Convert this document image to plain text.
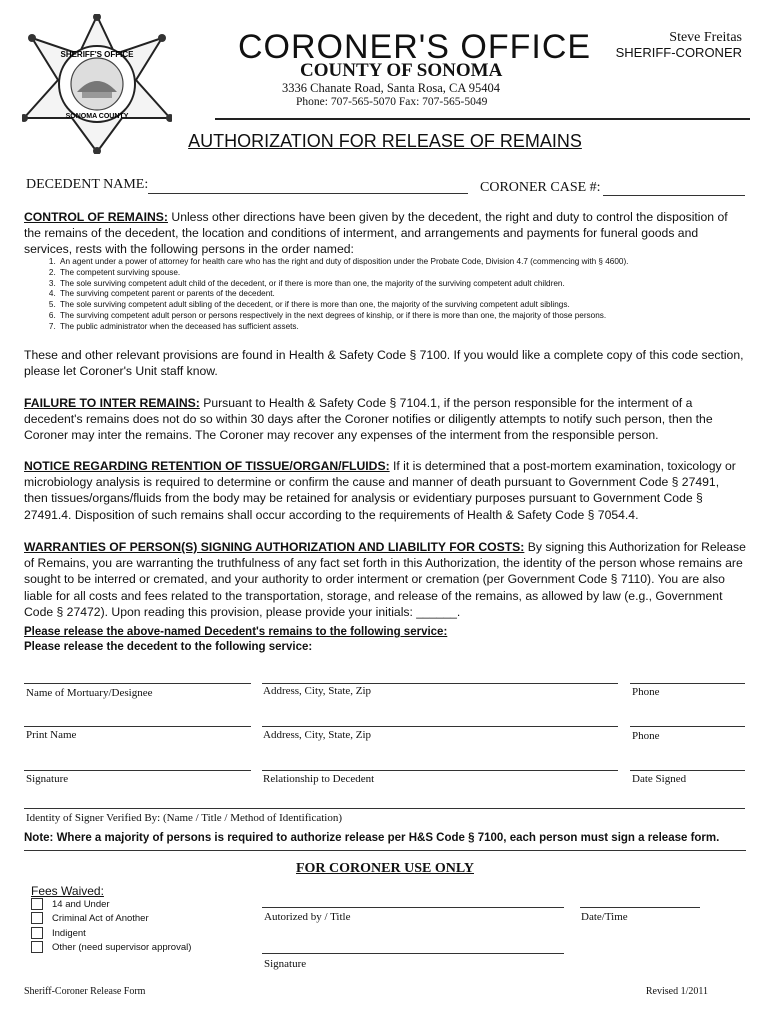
SHERIFF'S OFFICE
SONOMA COUNTY
CORONER'S OFFICE
COUNTY OF SONOMA
3336 Chanate Road, Santa Rosa, CA 95404
Phone: 707-565-5070 Fax: 707-565-5049
Steve Freitas
SHERIFF-CORONER
AUTHORIZATION FOR RELEASE OF REMAINS
DECEDENT NAME:	CORONER CASE #:
CONTROL OF REMAINS: Unless other directions have been given by the decedent, the right and duty to control the disposition of the remains of the decedent, the location and conditions of interment, and arrangements and payments for funeral goods and services, rests with the following persons in the order named:
1. An agent under a power of attorney for health care who has the right and duty of disposition under the Probate Code, Division 4.7 (commencing with § 4600).
2. The competent surviving spouse.
3. The sole surviving competent adult child of the decedent, or if there is more than one, the majority of the surviving competent adult children.
4. The surviving competent parent or parents of the decedent.
5. The sole surviving competent adult sibling of the decedent, or if there is more than one, the majority of the surviving competent adult siblings.
6. The surviving competent adult person or persons respectively in the next degrees of kinship, or if there is more than one, the majority of those persons.
7. The public administrator when the deceased has sufficient assets.
These and other relevant provisions are found in Health & Safety Code § 7100. If you would like a complete copy of this code section, please let Coroner's Unit staff know.
FAILURE TO INTER REMAINS: Pursuant to Health & Safety Code § 7104.1, if the person responsible for the interment of a decedent's remains does not do so within 30 days after the Coroner notifies or diligently attempts to notify such person, then the Coroner may inter the remains. The Coroner may recover any expenses of the interment from the responsible person.
NOTICE REGARDING RETENTION OF TISSUE/ORGAN/FLUIDS: If it is determined that a post-mortem examination, toxicology or microbiology analysis is required to determine or confirm the cause and manner of death pursuant to Government Code § 27491, then tissues/organs/fluids from the body may be retained for analysis or evidentiary purposes pursuant to Government Code § 27491.4. Disposition of such remains shall occur according to the requirements of Health & Safety Code § 7054.4.
WARRANTIES OF PERSON(S) SIGNING AUTHORIZATION AND LIABILITY FOR COSTS: By signing this Authorization for Release of Remains, you are warranting the truthfulness of any fact set forth in this Authorization, the identity of the person whose remains are sought to be interred or cremated, and your authority to order interment or cremation (per Government Code § 7110). You are also liable for all costs and fees related to the transportation, storage, and release of the remains, as allowed by law (e.g., Government Code § 27472). Upon reading this provision, please provide your initials: ______.
Please release the above-named Decedent's remains to the following service:
Please release the decedent to the following service:
Name of Mortuary/Designee	Address, City, State, Zip	Phone
Print Name	Address, City, State, Zip	Phone
Signature	Relationship to Decedent	Date Signed
Identity of Signer Verified By: (Name / Title / Method of Identification)
Note: Where a majority of persons is required to authorize release per H&S Code § 7100, each person must sign a release form.
FOR CORONER USE ONLY
Fees Waived:
14 and Under
Criminal Act of Another
Indigent
Other (need supervisor approval)
Autorized by / Title	Date/Time
Signature
Sheriff-Coroner Release Form	Revised 1/2011
